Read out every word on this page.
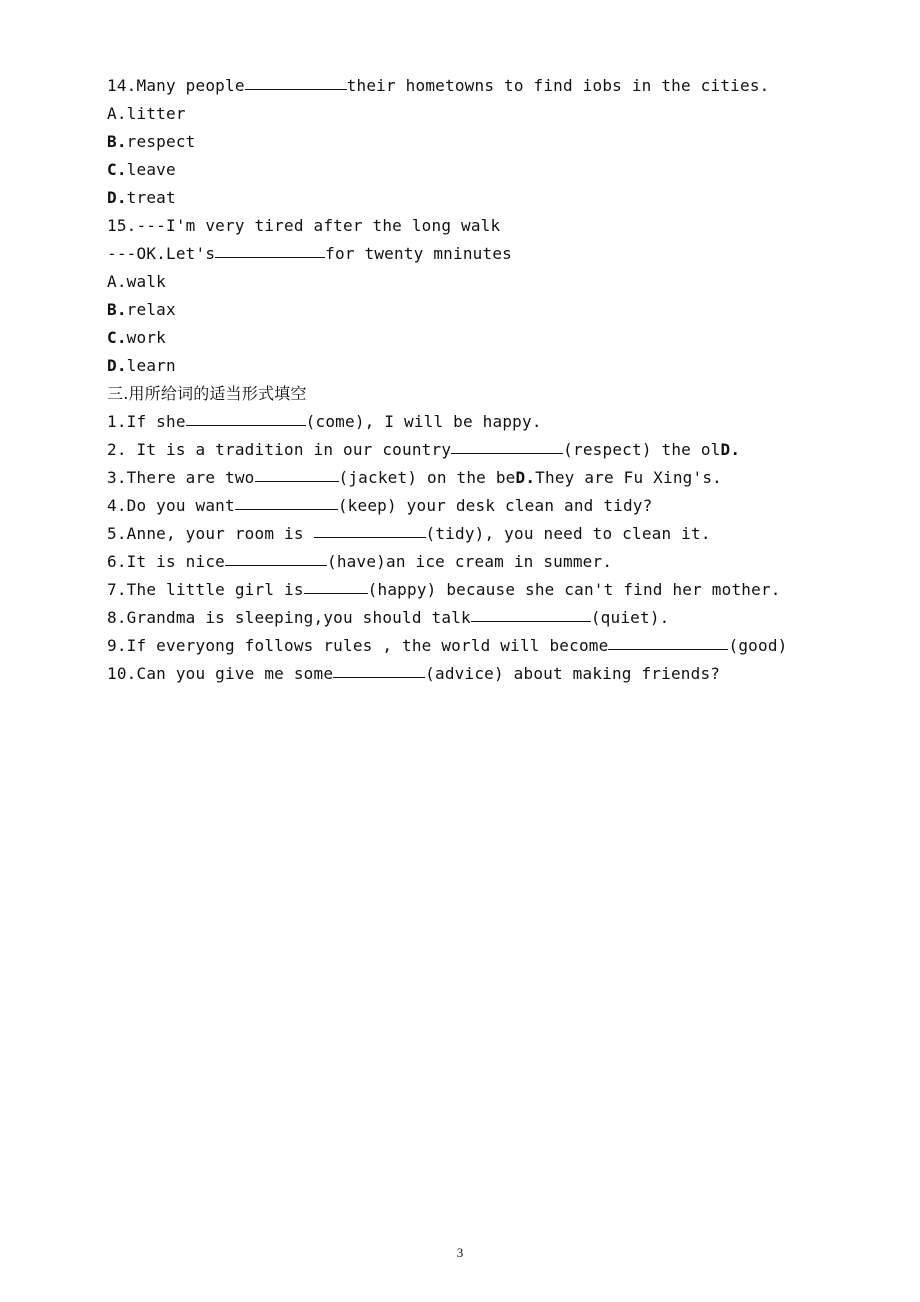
14.Many people	their hometowns to find iobs in the cities.
A.litter
B.respect
C.leave
D.treat
15.---I'm very tired after the long walk
---OK.Let's	for twenty mninutes
A.walk
B.relax
C.work
D.learn
三.用所给词的适当形式填空
1.If she	(come), I will be happy.
2. It is a tradition in our country	(respect) the olD.
3.There are two	(jacket) on the beD.They are Fu Xing's.
4.Do you want	(keep) your desk clean and tidy?
5.Anne, your room is	(tidy), you need to clean it.
6.It is nice	(have)an ice cream in summer.
7.The little girl is	(happy) because she can't find her mother.
8.Grandma is sleeping,you should talk	(quiet).
9.If everyong follows rules , the world will become	(good)
10.Can you give me some	(advice) about making friends?
3
